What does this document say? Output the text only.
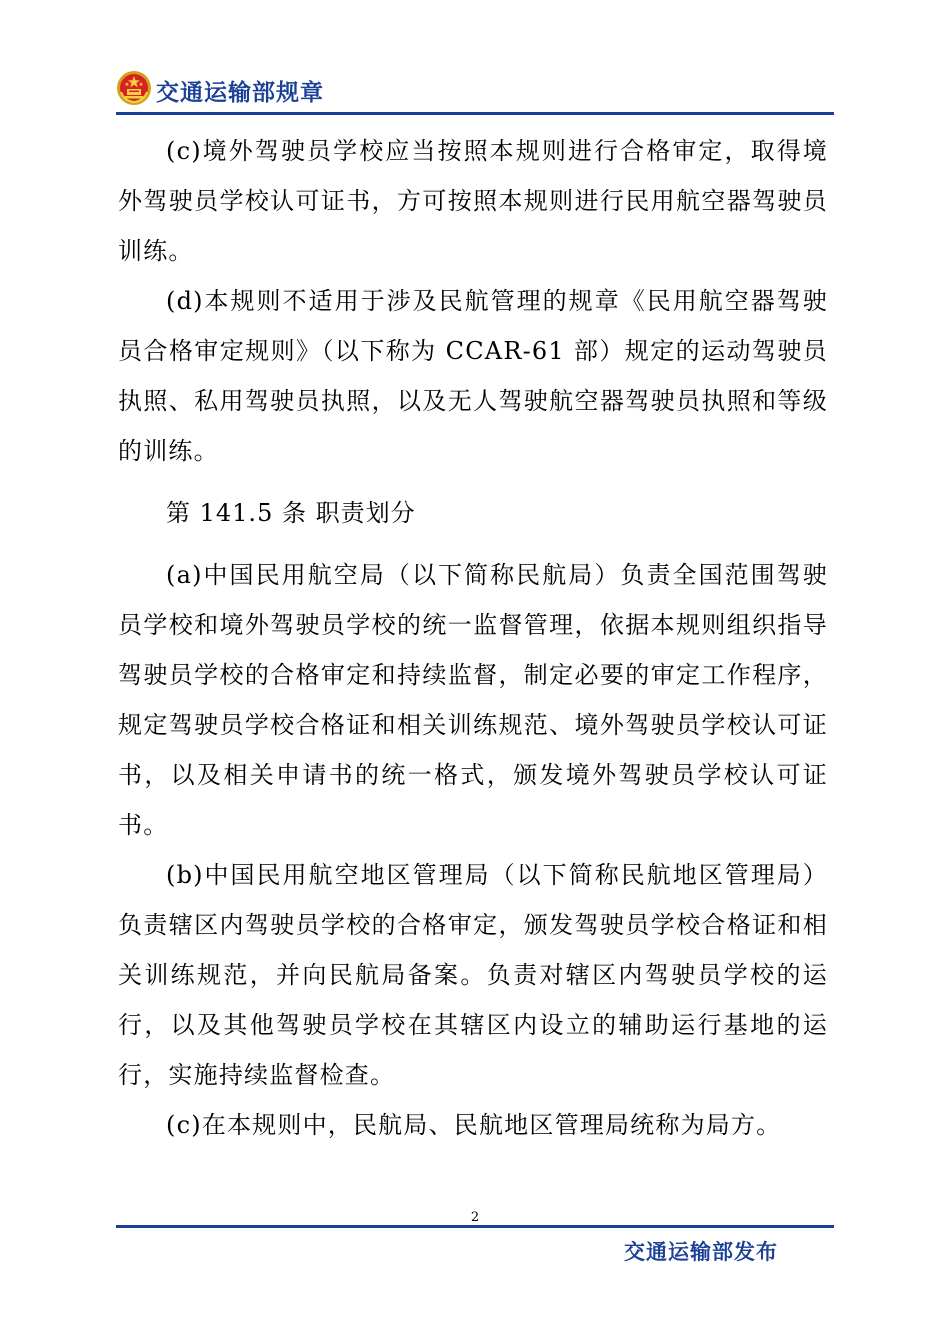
交通运输部规章

(c)境外驾驶员学校应当按照本规则进行合格审定，取得境外驾驶员学校认可证书，方可按照本规则进行民用航空器驾驶员训练。

(d)本规则不适用于涉及民航管理的规章《民用航空器驾驶员合格审定规则》（以下称为 CCAR-61 部）规定的运动驾驶员执照、私用驾驶员执照，以及无人驾驶航空器驾驶员执照和等级的训练。

第 141.5 条 职责划分

(a)中国民用航空局（以下简称民航局）负责全国范围驾驶员学校和境外驾驶员学校的统一监督管理，依据本规则组织指导驾驶员学校的合格审定和持续监督，制定必要的审定工作程序，规定驾驶员学校合格证和相关训练规范、境外驾驶员学校认可证书，以及相关申请书的统一格式，颁发境外驾驶员学校认可证书。

(b)中国民用航空地区管理局（以下简称民航地区管理局）负责辖区内驾驶员学校的合格审定，颁发驾驶员学校合格证和相关训练规范，并向民航局备案。负责对辖区内驾驶员学校的运行，以及其他驾驶员学校在其辖区内设立的辅助运行基地的运行，实施持续监督检查。

(c)在本规则中，民航局、民航地区管理局统称为局方。

2
交通运输部发布
